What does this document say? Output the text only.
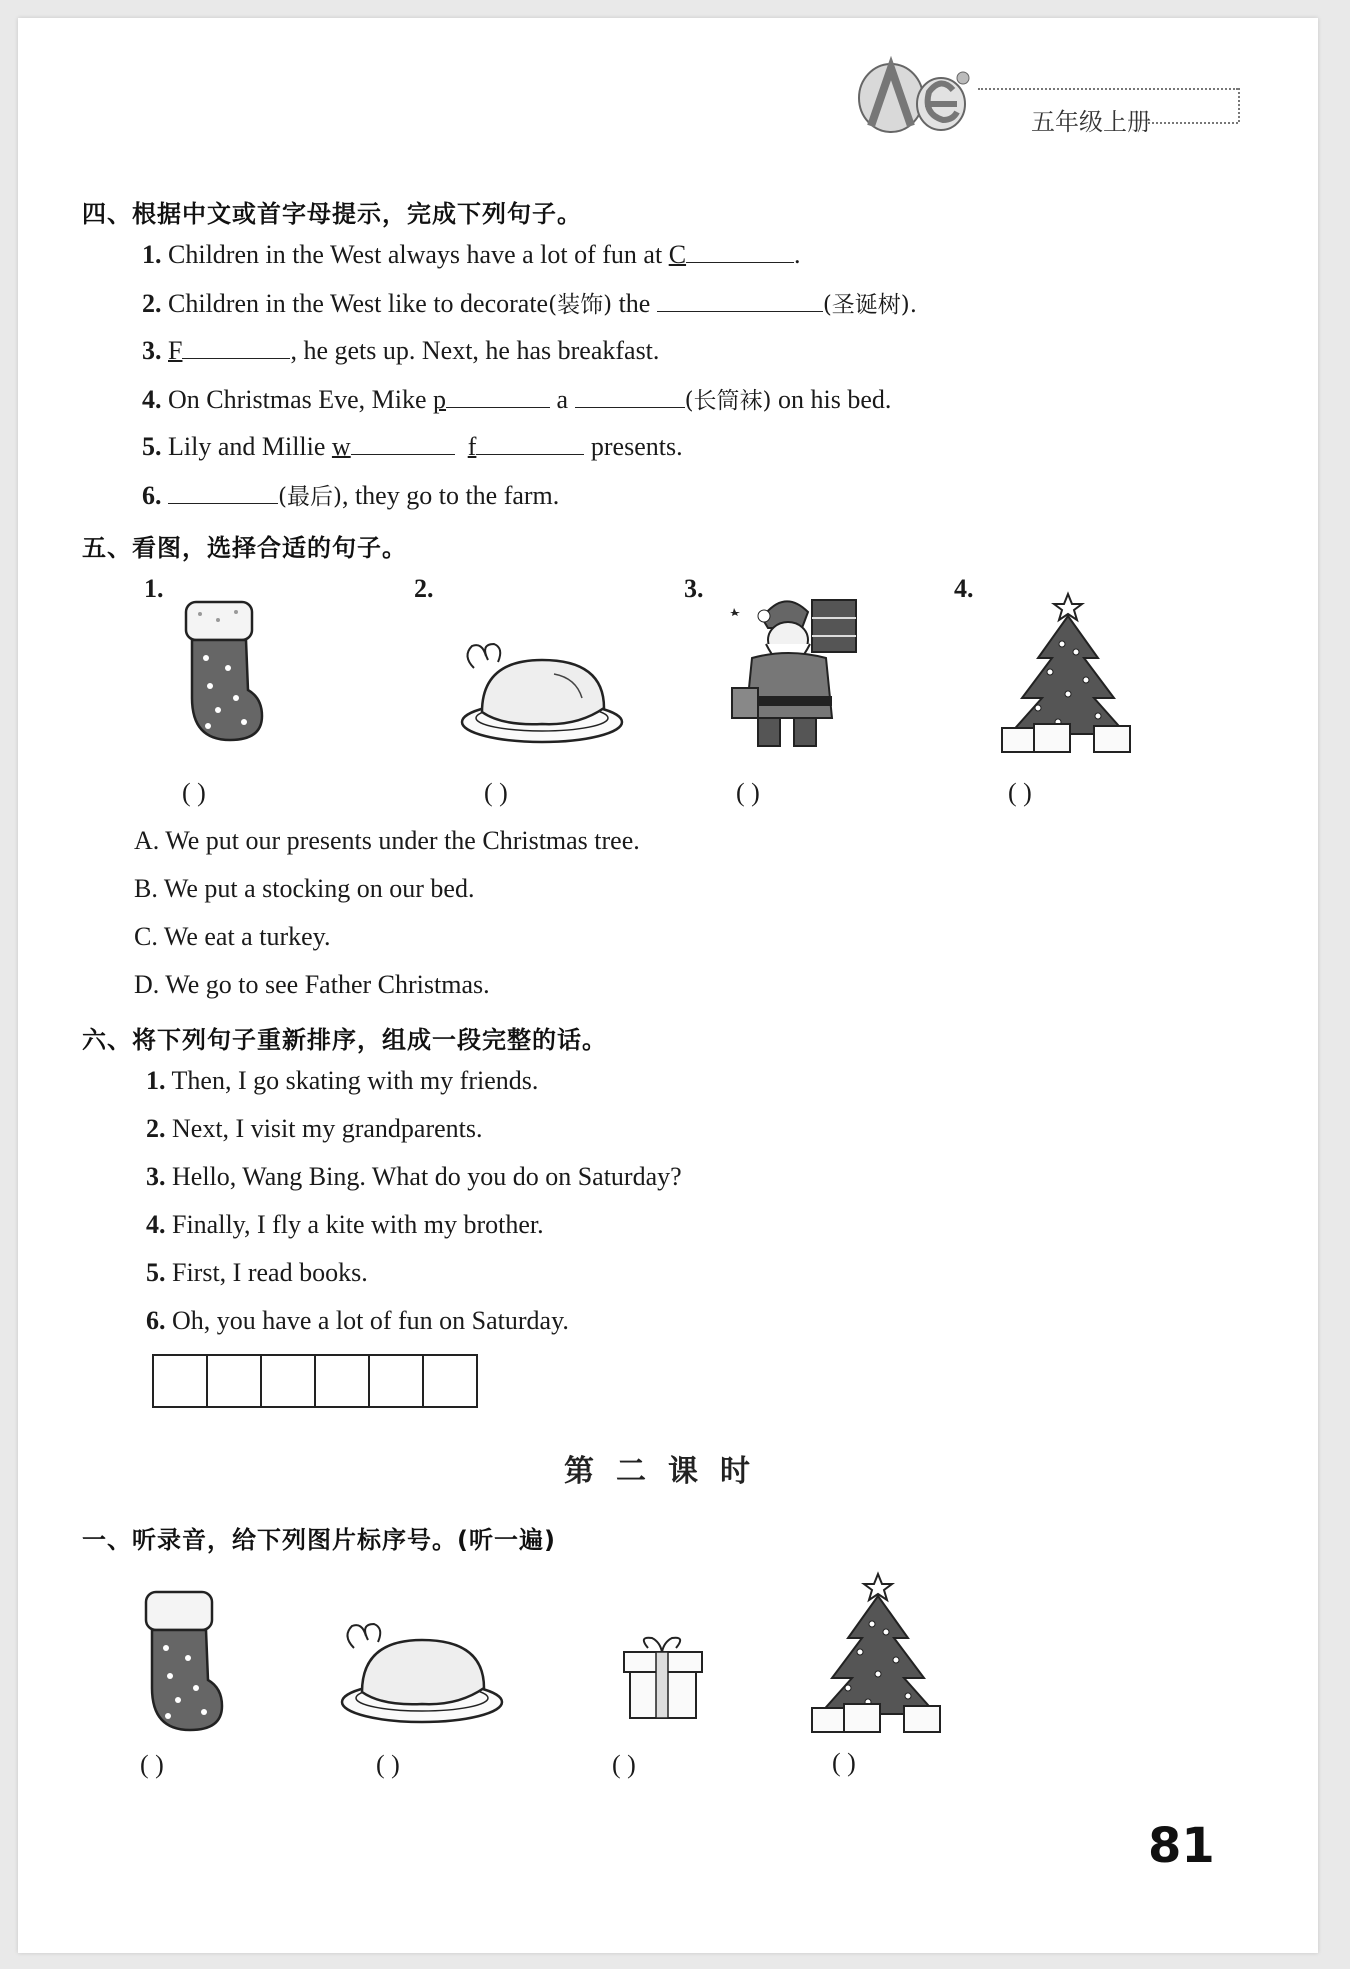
五年级上册
四、根据中文或首字母提示，完成下列句子。
1. Children in the West always have a lot of fun at C	.
2. Children in the West like to decorate(装饰) the	(圣诞树).
3. F	, he gets up. Next, he has breakfast.
4. On Christmas Eve, Mike p	a	(长筒袜) on his bed.
5. Lily and Millie w	f	presents.
6.	(最后), they go to the farm.
五、看图，选择合适的句子。
1.	2.	3.	4.
( )	( )	( )	( )
A. We put our presents under the Christmas tree.
B. We put a stocking on our bed.
C. We eat a turkey.
D. We go to see Father Christmas.
六、将下列句子重新排序，组成一段完整的话。
1. Then, I go skating with my friends.
2. Next, I visit my grandparents.
3. Hello, Wang Bing. What do you do on Saturday?
4. Finally, I fly a kite with my brother.
5. First, I read books.
6. Oh, you have a lot of fun on Saturday.
第二课时
一、听录音，给下列图片标序号。(听一遍)
( )	( )	( )	( )
81
